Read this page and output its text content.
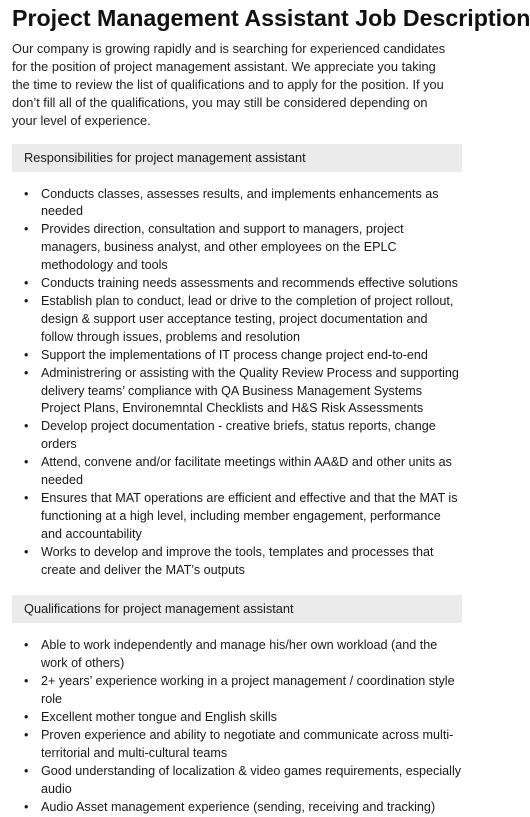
Project Management Assistant Job Description

Our company is growing rapidly and is searching for experienced candidates for the position of project management assistant. We appreciate you taking the time to review the list of qualifications and to apply for the position. If you don’t fill all of the qualifications, you may still be considered depending on your level of experience.

Responsibilities for project management assistant
• Conducts classes, assesses results, and implements enhancements as needed
• Provides direction, consultation and support to managers, project managers, business analyst, and other employees on the EPLC methodology and tools
• Conducts training needs assessments and recommends effective solutions
• Establish plan to conduct, lead or drive to the completion of project rollout, design & support user acceptance testing, project documentation and follow through issues, problems and resolution
• Support the implementations of IT process change project end-to-end
• Administrering or assisting with the Quality Review Process and supporting delivery teams’ compliance with QA Business Management Systems Project Plans, Environemntal Checklists and H&S Risk Assessments
• Develop project documentation - creative briefs, status reports, change orders
• Attend, convene and/or facilitate meetings within AA&D and other units as needed
• Ensures that MAT operations are efficient and effective and that the MAT is functioning at a high level, including member engagement, performance and accountability
• Works to develop and improve the tools, templates and processes that create and deliver the MAT’s outputs
Qualifications for project management assistant
• Able to work independently and manage his/her own workload (and the work of others)
• 2+ years’ experience working in a project management / coordination style role
• Excellent mother tongue and English skills
• Proven experience and ability to negotiate and communicate across multi-territorial and multi-cultural teams
• Good understanding of localization & video games requirements, especially audio
• Audio Asset management experience (sending, receiving and tracking)
